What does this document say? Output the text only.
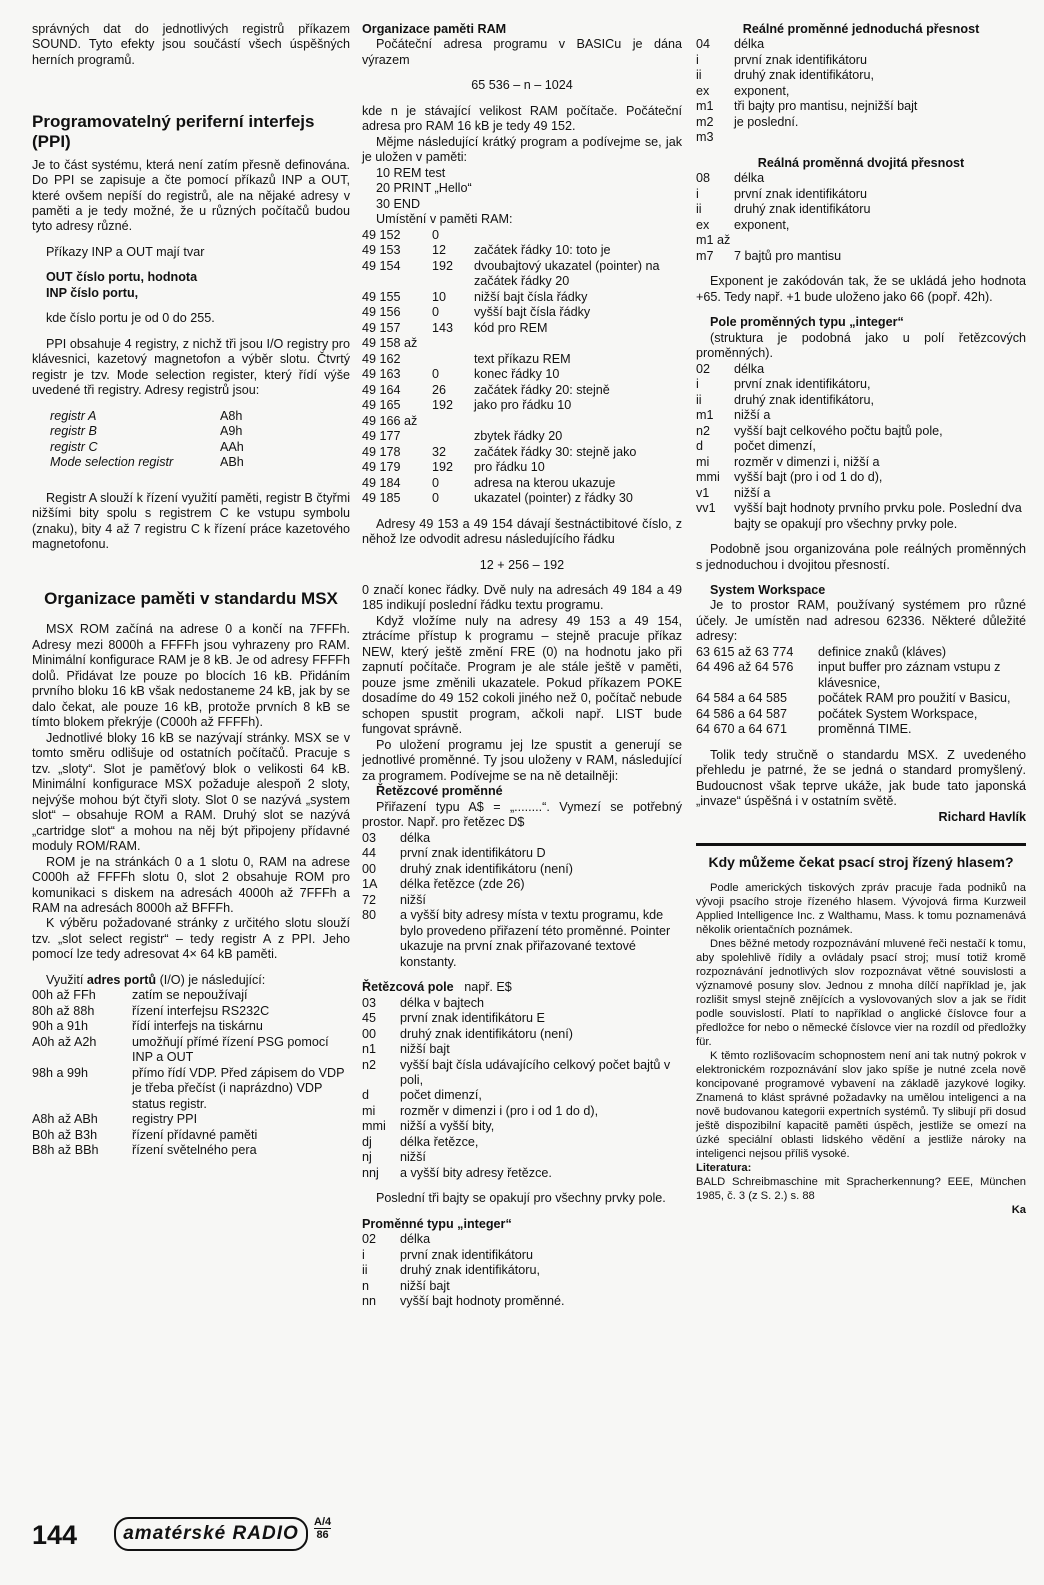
správných dat do jednotlivých registrů příkazem SOUND. Tyto efekty jsou součástí všech úspěšných herních programů.

Programovatelný periferní interfejs (PPI)

Je to část systému, která není zatím přesně definována. Do PPI se zapisuje a čte pomocí příkazů INP a OUT, které ovšem nepíší do registrů, ale na nějaké adresy v paměti a je tedy možné, že u různých počítačů budou tyto adresy různé.

Příkazy INP a OUT mají tvar

OUT číslo portu, hodnota

INP číslo portu,

kde číslo portu je od 0 do 255.

PPI obsahuje 4 registry, z nichž tři jsou I/O registry pro klávesnici, kazetový magnetofon a výběr slotu. Čtvrtý registr je tzv. Mode selection register, který řídí výše uvedené tři registry. Adresy registrů jsou:

registr A	A8h
registr B	A9h
registr C	AAh
Mode selection registr	ABh

Registr A slouží k řízení využití paměti, registr B čtyřmi nižšími bity spolu s registrem C ke vstupu symbolu (znaku), bity 4 až 7 registru C k řízení práce kazetového magnetofonu.

Organizace paměti v standardu MSX

MSX ROM začíná na adrese 0 a končí na 7FFFh. Adresy mezi 8000h a FFFFh jsou vyhrazeny pro RAM. Minimální konfigurace RAM je 8 kB. Je od adresy FFFFh dolů. Přidávat lze pouze po blocích 16 kB. Přidáním prvního bloku 16 kB však nedostaneme 24 kB, jak by se dalo čekat, ale pouze 16 kB, protože prvních 8 kB se tímto blokem překrýje (C000h až FFFFh).

Jednotlivé bloky 16 kB se nazývají stránky. MSX se v tomto směru odlišuje od ostatních počítačů. Pracuje s tzv. „sloty“. Slot je paměťový blok o velikosti 64 kB. Minimální konfigurace MSX požaduje alespoň 2 sloty, nejvýše mohou být čtyři sloty. Slot 0 se nazývá „system slot“ – obsahuje ROM a RAM. Druhý slot se nazývá „cartridge slot“ a mohou na něj být připojeny přídavné moduly ROM/RAM.

ROM je na stránkách 0 a 1 slotu 0, RAM na adrese C000h až FFFFh slotu 0, slot 2 obsahuje ROM pro komunikaci s diskem na adresách 4000h až 7FFFh a RAM na adresách 8000h až BFFFh.

K výběru požadované stránky z určitého slotu slouží tzv. „slot select registr“ – tedy registr A z PPI. Jeho pomocí lze tedy adresovat 4× 64 kB paměti.

Využití adres portů (I/O) je následující:

00h až FFh	zatím se nepoužívají
80h až 88h	řízení interfejsu RS232C
90h a 91h	řídí interfejs na tiskárnu
A0h až A2h	umožňují přímé řízení PSG pomocí INP a OUT
98h a 99h	přímo řídí VDP. Před zápisem do VDP je třeba přečíst (i naprázdno) VDP status registr.
A8h až ABh	registry PPI
B0h až B3h	řízení přídavné paměti
B8h až BBh	řízení světelného pera
144	amatérské RADIO
A/4
86
Organizace paměti RAM

Počáteční adresa programu v BASICu je dána výrazem

65 536 – n – 1024

kde n je stávající velikost RAM počítače. Počáteční adresa pro RAM 16 kB je tedy 49 152.

Mějme následující krátký program a podívejme se, jak je uložen v paměti:

10 REM test

20 PRINT „Hello“

30 END

Umístění v paměti RAM:

49 152	0	
49 153	12	začátek řádky 10: toto je
49 154	192	dvoubajtový ukazatel (pointer) na začátek řádky 20
49 155	10	nižší bajt čísla řádky
49 156	0	vyšší bajt čísla řádky
49 157	143	kód pro REM
49 158 až		
49 162		text příkazu REM
49 163	0	konec řádky 10
49 164	26	začátek řádky 20: stejně
49 165	192	jako pro řádku 10
49 166 až		
49 177		zbytek řádky 20
49 178	32	začátek řádky 30: stejně jako
49 179	192	pro řádku 10
49 184	0	adresa na kterou ukazuje
49 185	0	ukazatel (pointer) z řádky 30

Adresy 49 153 a 49 154 dávají šestnáctibitové číslo, z něhož lze odvodit adresu následujícího řádku

12 + 256 – 192

0 značí konec řádky. Dvě nuly na adresách 49 184 a 49 185 indikují poslední řádku textu programu.

Když vložíme nuly na adresy 49 153 a 49 154, ztrácíme přístup k programu – stejně pracuje příkaz NEW, který ještě změní FRE (0) na hodnotu jako při zapnutí počítače. Program je ale stále ještě v paměti, pouze jsme změnili ukazatele. Pokud příkazem POKE dosadíme do 49 152 cokoli jiného než 0, počítač nebude schopen spustit program, ačkoli např. LIST bude fungovat správně.

Po uložení programu jej lze spustit a generují se jednotlivé proměnné. Ty jsou uloženy v RAM, následující za programem. Podívejme se na ně detailněji:

Řetězcové proměnné

Přiřazení typu A$ = „........“. Vymezí se potřebný prostor. Např. pro řetězec D$

03	délka
44	první znak identifikátoru D
00	druhý znak identifikátoru (není)
1A	délka řetězce (zde 26)
72	nižší
80	a vyšší bity adresy místa v textu programu, kde bylo provedeno přiřazení této proměnné. Pointer ukazuje na první znak přiřazované textové konstanty.
Řetězcová pole např. E$
03	délka v bajtech
45	první znak identifikátoru E
00	druhý znak identifikátoru (není)
n1	nižší bajt
n2	vyšší bajt čísla udávajícího celkový počet bajtů v poli,
d	počet dimenzí,
mi	rozměr v dimenzi i (pro i od 1 do d),
mmi	nižší a vyšší bity,
dj	délka řetězce,
nj	nižší
nnj	a vyšší bity adresy řetězce.

Poslední tři bajty se opakují pro všechny prvky pole.

Proměnné typu „integer“
02	délka
i	první znak identifikátoru
ii	druhý znak identifikátoru,
n	nižší bajt
nn	vyšší bajt hodnoty proměnné.
Reálné proměnné jednoduchá přesnost
04	délka
i	první znak identifikátoru
ii	druhý znak identifikátoru,
ex	exponent,
m1	tři bajty pro mantisu, nejnižší bajt
m2	je poslední.
m3	
Reálná proměnná dvojitá přesnost
08	délka
i	první znak identifikátoru
ii	druhý znak identifikátoru
ex	exponent,
m1 až	
m7	7 bajtů pro mantisu

Exponent je zakódován tak, že se ukládá jeho hodnota +65. Tedy např. +1 bude uloženo jako 66 (popř. 42h).

Pole proměnných typu „integer“

(struktura je podobná jako u polí řetězcových proměnných).

02	délka
i	první znak identifikátoru,
ii	druhý znak identifikátoru,
m1	nižší a
n2	vyšší bajt celkového počtu bajtů pole,
d	počet dimenzí,
mi	rozměr v dimenzi i, nižší a
mmi	vyšší bajt (pro i od 1 do d),
v1	nižší a
vv1	vyšší bajt hodnoty prvního prvku pole. Poslední dva bajty se opakují pro všechny prvky pole.

Podobně jsou organizována pole reálných proměnných s jednoduchou i dvojitou přesností.

System Workspace

Je to prostor RAM, používaný systémem pro různé účely. Je umístěn nad adresou 62336. Některé důležité adresy:

63 615 až 63 774	definice znaků (kláves)
64 496 až 64 576	input buffer pro záznam vstupu z klávesnice,
64 584 a 64 585	počátek RAM pro použití v Basicu,
64 586 a 64 587	počátek System Workspace,
64 670 a 64 671	proměnná TIME.

Tolik tedy stručně o standardu MSX. Z uvedeného přehledu je patrné, že se jedná o standard promyšlený. Budoucnost však teprve ukáže, jak bude tato japonská „invaze“ úspěšná i v ostatním světě.

Richard Havlík

Kdy můžeme čekat psací stroj řízený hlasem?

Podle amerických tiskových zpráv pracuje řada podniků na vývoji psacího stroje řízeného hlasem. Vývojová firma Kurzweil Applied Intelligence Inc. z Walthamu, Mass. k tomu poznamenává několik orientačních poznámek.

Dnes běžné metody rozpoznávání mluvené řeči nestačí k tomu, aby spolehlivě řídily a ovládaly psací stroj; musí totiž kromě rozpoznávání jednotlivých slov rozpoznávat větné souvislosti a významové posuny slov. Jednou z mnoha dílčí například je, jak rozlišit smysl stejně znějících a vyslovovaných slov a jak se řídit podle souvislostí. Platí to například o anglické číslovce four a předložce for nebo o německé číslovce vier na rozdíl od předložky für.

K těmto rozlišovacím schopnostem není ani tak nutný pokrok v elektronickém rozpoznávání slov jako spíše je nutné zcela nově koncipované programové vybavení na základě jazykové logiky. Znamená to klást správné požadavky na umělou inteligenci a na nově budovanou kategorii expertních systémů. Ty slibují při dosud ještě dispozibilní kapacitě paměti úspěch, jestliže se omezí na úzké speciální oblasti lidského vědění a jestliže nároky na inteligenci nejsou příliš vysoké.

Literatura:

BALD Schreibmaschine mit Spracherkennung? EEE, München 1985, č. 3 (z S. 2.) s. 88

Ka
